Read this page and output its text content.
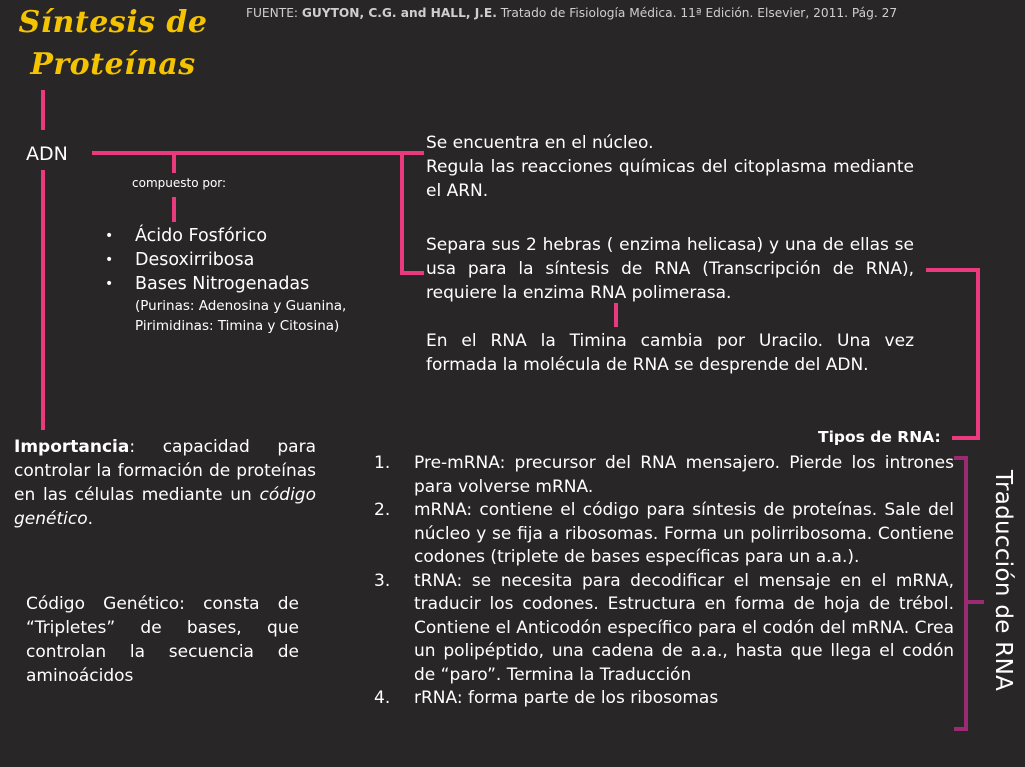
Síntesis de Proteínas
FUENTE: GUYTON, C.G. and HALL, J.E. Tratado de Fisiología Médica. 11ª Edición. Elsevier, 2011. Pág. 27
ADN
compuesto por:
• Ácido Fosfórico
• Desoxirribosa
• Bases Nitrogenadas
(Purinas: Adenosina y Guanina, Pirimidinas: Timina y Citosina)
Se encuentra en el núcleo.
Regula las reacciones químicas del citoplasma mediante el ARN.
Separa sus 2 hebras ( enzima helicasa) y una de ellas se usa para la síntesis de RNA (Transcripción de RNA), requiere la enzima RNA polimerasa.
En el RNA la Timina cambia por Uracilo. Una vez formada la molécula de RNA se desprende del ADN.
Importancia: capacidad para controlar la formación de proteínas en las células mediante un código genético.
Código Genético: consta de “Tripletes” de bases, que controlan la secuencia de aminoácidos
Tipos de RNA:
1. Pre-mRNA: precursor del RNA mensajero. Pierde los intrones para volverse mRNA.
2. mRNA: contiene el código para síntesis de proteínas. Sale del núcleo y se fija a ribosomas. Forma un polirribosoma. Contiene codones (triplete de bases específicas para un a.a.).
3. tRNA: se necesita para decodificar el mensaje en el mRNA, traducir los codones. Estructura en forma de hoja de trébol. Contiene el Anticodón específico para el codón del mRNA. Crea un polipéptido, una cadena de a.a., hasta que llega el codón de “paro”. Termina la Traducción
4. rRNA: forma parte de los ribosomas
Traducción de RNA
